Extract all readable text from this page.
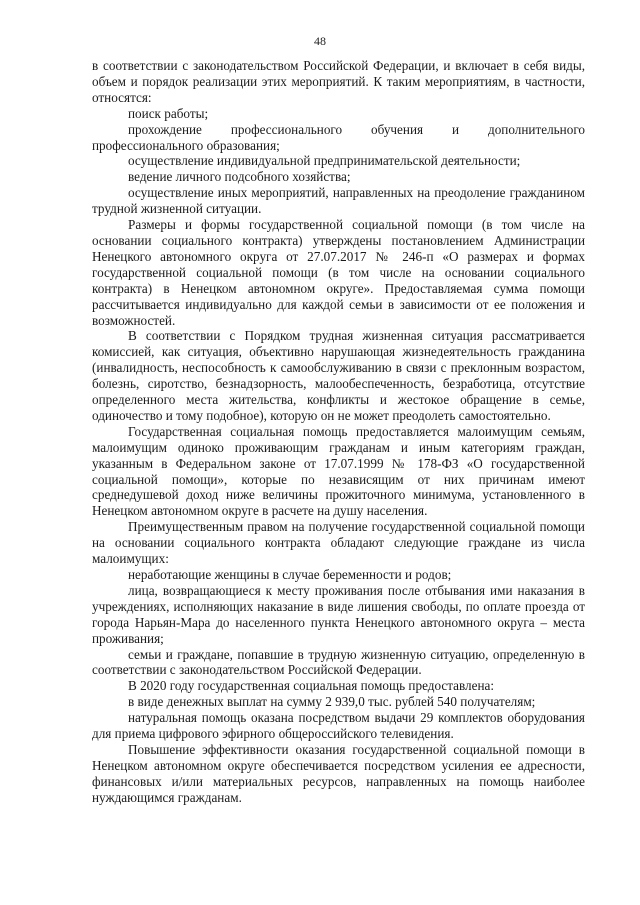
48

в соответствии с законодательством Российской Федерации, и включает в себя виды, объем и порядок реализации этих мероприятий. К таким мероприятиям, в частности, относятся:

поиск работы;

прохождение профессионального обучения и дополнительного профессионального образования;

осуществление индивидуальной предпринимательской деятельности;

ведение личного подсобного хозяйства;

осуществление иных мероприятий, направленных на преодоление гражданином трудной жизненной ситуации.

Размеры и формы государственной социальной помощи (в том числе на основании социального контракта) утверждены постановлением Администрации Ненецкого автономного округа от 27.07.2017 № 246-п «О размерах и формах государственной социальной помощи (в том числе на основании социального контракта) в Ненецком автономном округе». Предоставляемая сумма помощи рассчитывается индивидуально для каждой семьи в зависимости от ее положения и возможностей.

В соответствии с Порядком трудная жизненная ситуация рассматривается комиссией, как ситуация, объективно нарушающая жизнедеятельность гражданина (инвалидность, неспособность к самообслуживанию в связи с преклонным возрастом, болезнь, сиротство, безнадзорность, малообеспеченность, безработица, отсутствие определенного места жительства, конфликты и жестокое обращение в семье, одиночество и тому подобное), которую он не может преодолеть самостоятельно.

Государственная социальная помощь предоставляется малоимущим семьям, малоимущим одиноко проживающим гражданам и иным категориям граждан, указанным в Федеральном законе от 17.07.1999 № 178-ФЗ «О государственной социальной помощи», которые по независящим от них причинам имеют среднедушевой доход ниже величины прожиточного минимума, установленного в Ненецком автономном округе в расчете на душу населения.

Преимущественным правом на получение государственной социальной помощи на основании социального контракта обладают следующие граждане из числа малоимущих:

неработающие женщины в случае беременности и родов;

лица, возвращающиеся к месту проживания после отбывания ими наказания в учреждениях, исполняющих наказание в виде лишения свободы, по оплате проезда от города Нарьян-Мара до населенного пункта Ненецкого автономного округа – места проживания;

семьи и граждане, попавшие в трудную жизненную ситуацию, определенную в соответствии с законодательством Российской Федерации.

В 2020 году государственная социальная помощь предоставлена:

в виде денежных выплат на сумму 2 939,0 тыс. рублей 540 получателям;

натуральная помощь оказана посредством выдачи 29 комплектов оборудования для приема цифрового эфирного общероссийского телевидения.

Повышение эффективности оказания государственной социальной помощи в Ненецком автономном округе обеспечивается посредством усиления ее адресности, финансовых и/или материальных ресурсов, направленных на помощь наиболее нуждающимся гражданам.
